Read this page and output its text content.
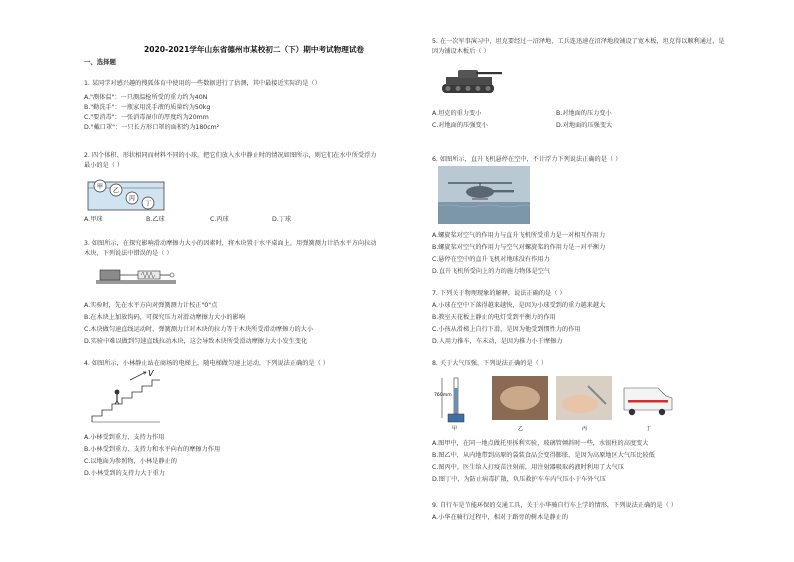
2020-2021学年山东省德州市某校初二（下）期中考试物理试卷
一、选择题
1. 某同学对感兴趣的搜狐体育中使用的一些数据进行了估测，其中最接近实际的是（）
A."测体温"：一只测温枪所受的重力约为40N
B."勤洗手"：一瓶家用洗手液的质量约为50kg
C."要消毒"：一张消毒湿巾的厚度约为20mm
D."戴口罩"：一只长方形口罩的面积约为180cm²
2. 四个体积、形状相同而材料不同的小球，把它们放入水中静止时的情况如图所示，则它们在水中所受浮力
最小的是（ ）
甲
乙
丙
丁
A.甲球	B.乙球	C.丙球	D.丁球
3. 如图所示，在探究影响滑动摩擦力大小的因素时，将木块置于水平桌面上，用弹簧测力计沿水平方向拉动
木块，下列说法中错误的是（ ）
A.实验时，先在水平方向对弹簧测力计校正"0"点
B.在木块上加放钩码，可探究压力对滑动摩擦力大小的影响
C.木块做匀速直线运动时，弹簧测力计对木块的拉力等于木块所受滑动摩擦力的大小
D.实验中难以做到匀速直线拉动木块，这会导致木块所受滑动摩擦力大小发生变化
4. 如图所示，小林静止站在商场的电梯上，随电梯做匀速上运动，下列说法正确的是（ ）
V
A.小林受到重力、支持力作用
B.小林受到重力、支持力和水平向右的摩擦力作用
C.以地面为参照物，小林是静止的
D.小林受到的支持力大于重力
5. 在一次军事演习中，坦克要经过一沼泽地，工兵连迅速在沼泽地段铺设了宽木板，坦克得以顺利通过，是
因为铺设木板后（ ）
A.坦克的重力变小	B.对地面的压力变小
C.对地面的压强变小	D.对地面的压强变大
6. 如图所示，直升飞机悬停在空中，不计浮力下列说法正确的是（ ）
A.螺旋桨对空气的作用力与直升飞机所受重力是一对相互作用力
B.螺旋桨对空气的作用力与空气对螺旋桨的作用力是一对平衡力
C.悬停在空中的直升飞机对地球没有作用力
D.直升飞机所受向上的力的施力物体是空气
7. 下列关于物理现象的解释，说法正确的是（ ）
A.小球在空中下落得越来越快，是因为小球受到的重力越来越大
B.教室天花板上静止的电灯受到平衡力的作用
C.小孩从滑梯上自行下滑，是因为他受到惯性力的作用
D.人用力推车，车未动，是因为推力小于摩擦力
8. 关于大气压强，下列说法正确的是（ ）
760mm
甲	乙	丙	丁
A.图甲中，在同一地点做托里拆利实验，玻璃管倾斜时一些，水银柱的高度变大
B.图乙中，从内地带到高原的袋装食品会变得膨胀，是因为高原地区大气压比较低
C.图丙中，医生给人打疫苗注射前，用注射器吸取药液时利用了大气压
D.图丁中，为防止病毒扩散，负压救护车车内气压小于车外气压
9. 自行车是节能环保的交通工具，关于小华骑自行车上学的情形，下列说法正确的是（ ）
A.小华在骑行过程中，相对于路旁的树木是静止的
